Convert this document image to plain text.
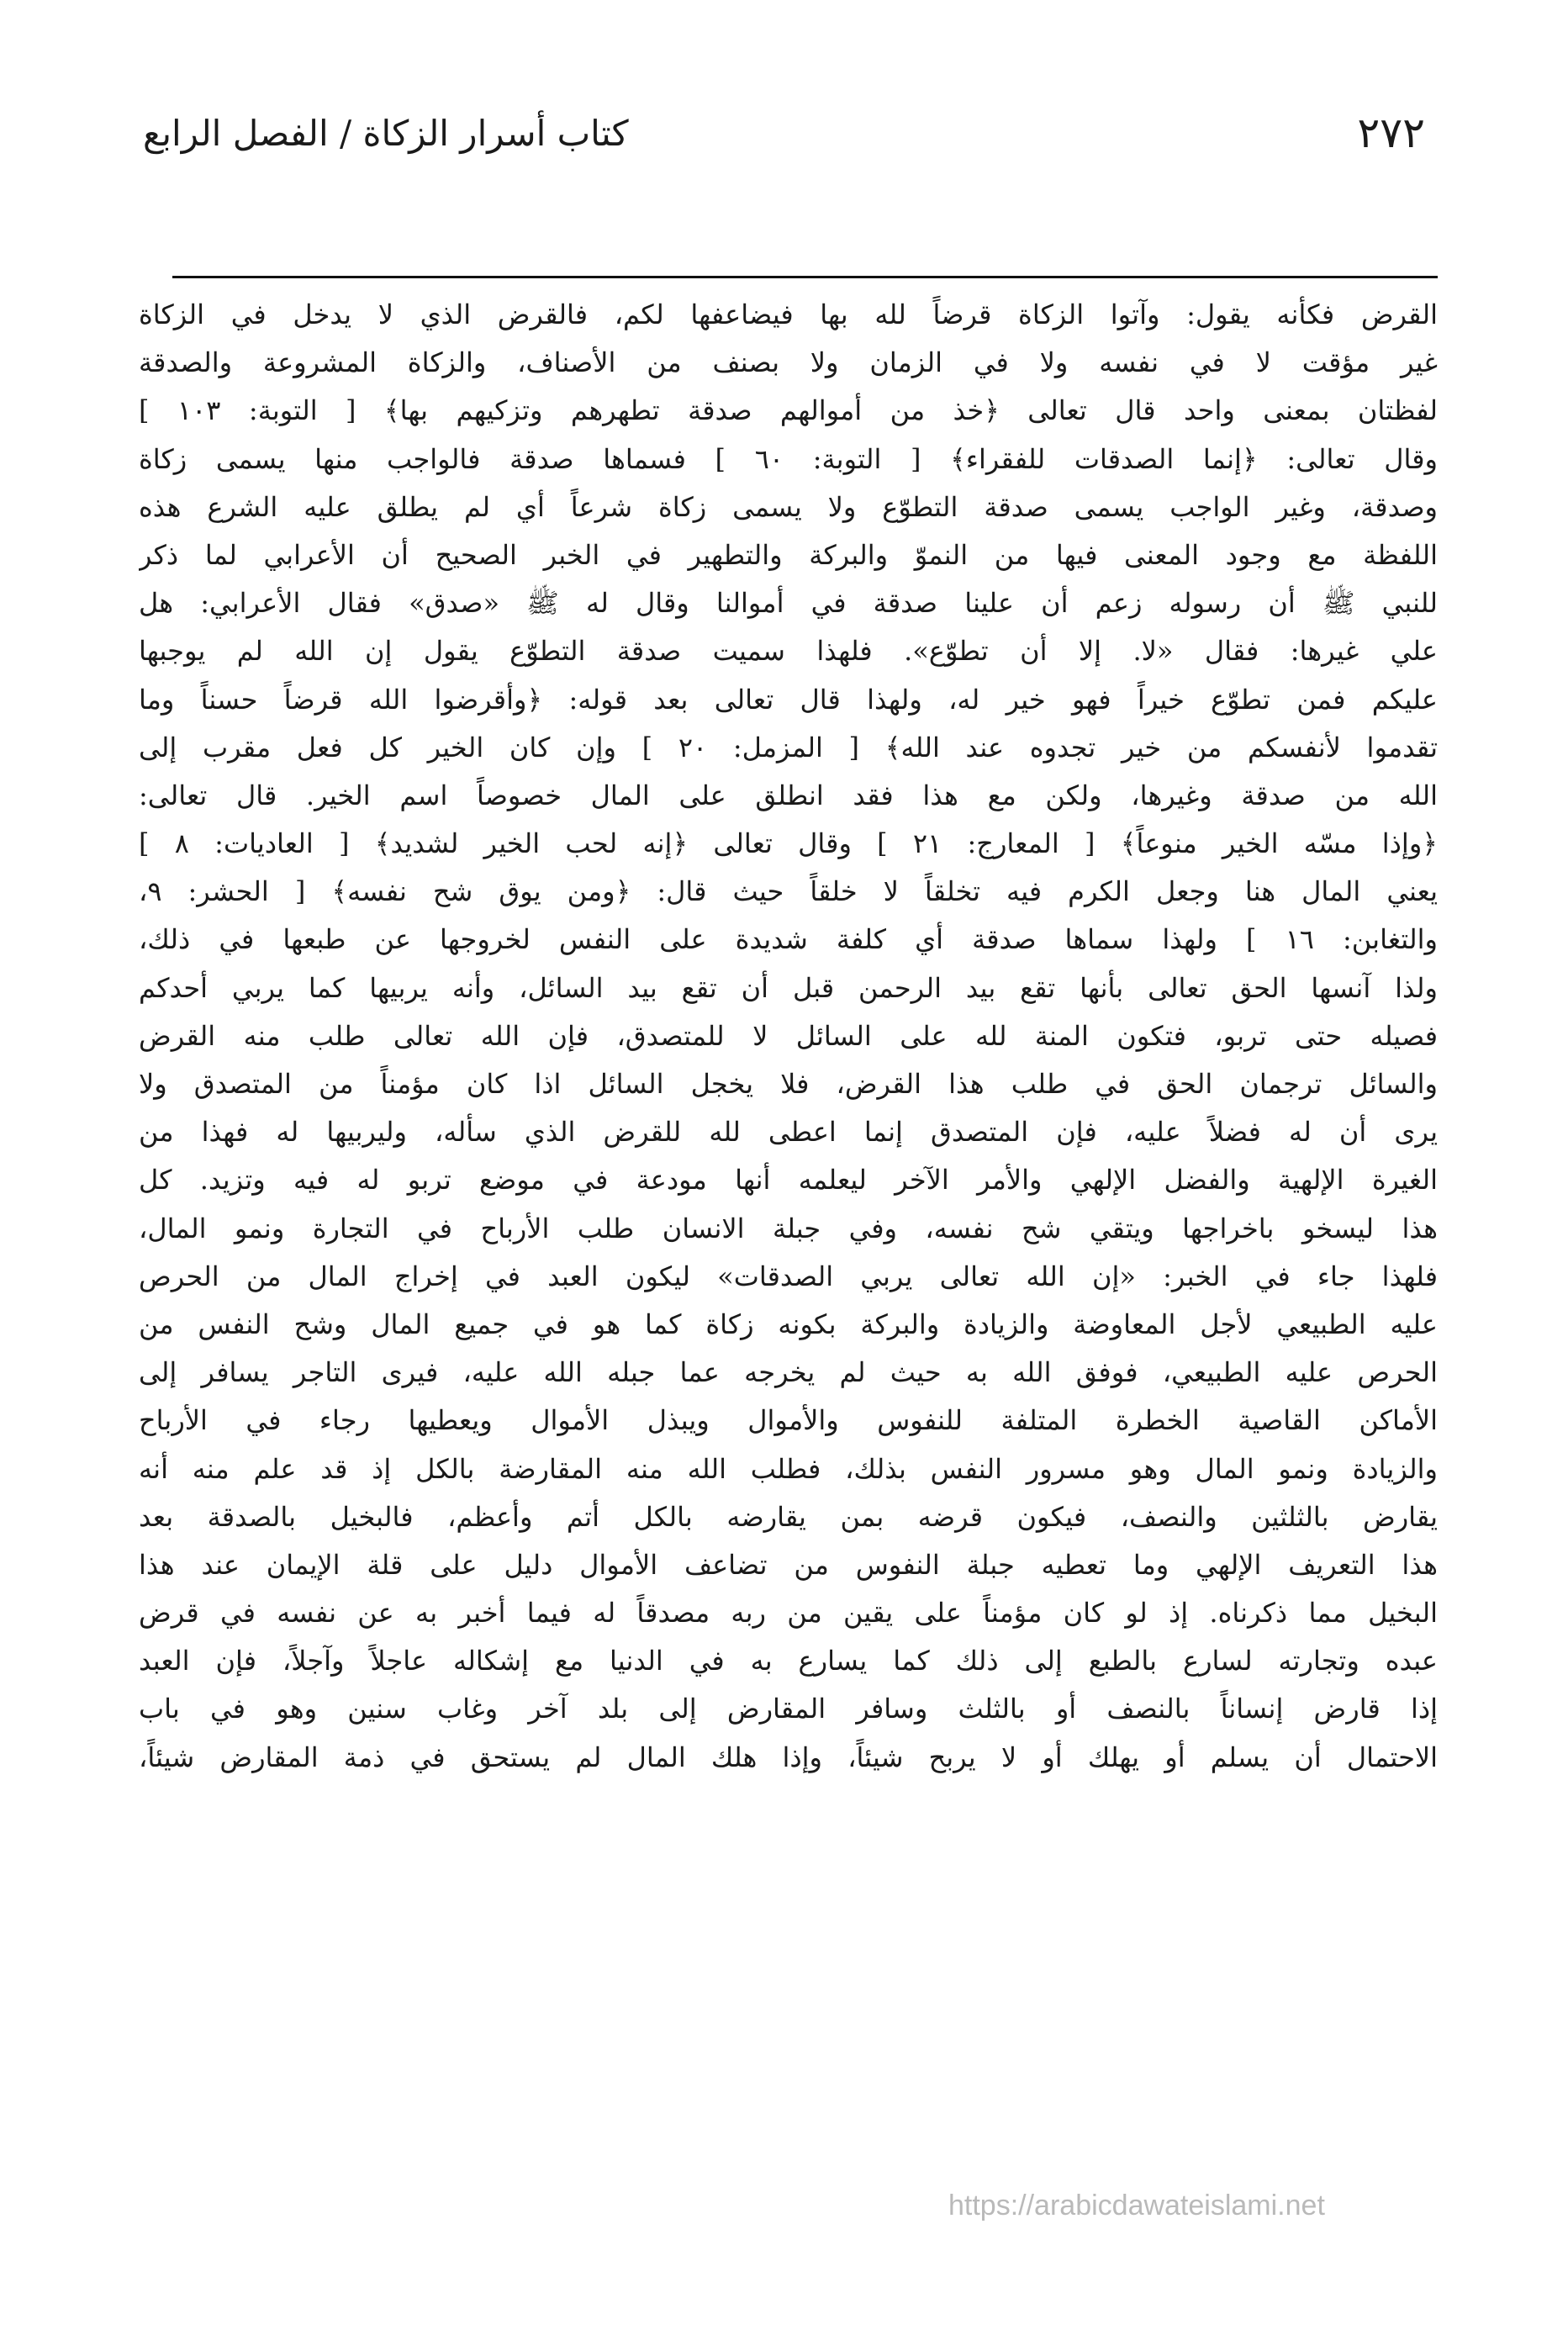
٢٧٢
كتاب أسرار الزكاة / الفصل الرابع
القرض فكأنه يقول: وآتوا الزكاة قرضاً لله بها فيضاعفها لكم، فالقرض الذي لا يدخل في الزكاة
غير مؤقت لا في نفسه ولا في الزمان ولا بصنف من الأصناف، والزكاة المشروعة والصدقة
لفظتان بمعنى واحد قال تعالى ﴿خذ من أموالهم صدقة تطهرهم وتزكيهم بها﴾ [ التوبة: ١٠٣ ]
وقال تعالى: ﴿إنما الصدقات للفقراء﴾ [ التوبة: ٦٠ ] فسماها صدقة فالواجب منها يسمى زكاة
وصدقة، وغير الواجب يسمى صدقة التطوّع ولا يسمى زكاة شرعاً أي لم يطلق عليه الشرع هذه
اللفظة مع وجود المعنى فيها من النموّ والبركة والتطهير في الخبر الصحيح أن الأعرابي لما ذكر
للنبي ﷺ أن رسوله زعم أن علينا صدقة في أموالنا وقال له ﷺ «صدق» فقال الأعرابي: هل
علي غيرها: فقال «لا. إلا أن تطوّع». فلهذا سميت صدقة التطوّع يقول إن الله لم يوجبها
عليكم فمن تطوّع خيراً فهو خير له، ولهذا قال تعالى بعد قوله: ﴿وأقرضوا الله قرضاً حسناً وما
تقدموا لأنفسكم من خير تجدوه عند الله﴾ [ المزمل: ٢٠ ] وإن كان الخير كل فعل مقرب إلى
الله من صدقة وغيرها، ولكن مع هذا فقد انطلق على المال خصوصاً اسم الخير. قال تعالى:
﴿وإذا مسّه الخير منوعاً﴾ [ المعارج: ٢١ ] وقال تعالى ﴿إنه لحب الخير لشديد﴾ [ العاديات: ٨ ]
يعني المال هنا وجعل الكرم فيه تخلقاً لا خلقاً حيث قال: ﴿ومن يوق شح نفسه﴾ [ الحشر: ٩،
والتغابن: ١٦ ] ولهذا سماها صدقة أي كلفة شديدة على النفس لخروجها عن طبعها في ذلك،
ولذا آنسها الحق تعالى بأنها تقع بيد الرحمن قبل أن تقع بيد السائل، وأنه يربيها كما يربي أحدكم
فصيله حتى تربو، فتكون المنة لله على السائل لا للمتصدق، فإن الله تعالى طلب منه القرض
والسائل ترجمان الحق في طلب هذا القرض، فلا يخجل السائل اذا كان مؤمناً من المتصدق ولا
يرى أن له فضلاً عليه، فإن المتصدق إنما اعطى لله للقرض الذي سأله، وليربيها له فهذا من
الغيرة الإلهية والفضل الإلهي والأمر الآخر ليعلمه أنها مودعة في موضع تربو له فيه وتزيد. كل
هذا ليسخو باخراجها ويتقي شح نفسه، وفي جبلة الانسان طلب الأرباح في التجارة ونمو المال،
فلهذا جاء في الخبر: «إن الله تعالى يربي الصدقات» ليكون العبد في إخراج المال من الحرص
عليه الطبيعي لأجل المعاوضة والزيادة والبركة بكونه زكاة كما هو في جميع المال وشح النفس من
الحرص عليه الطبيعي، فوفق الله به حيث لم يخرجه عما جبله الله عليه، فيرى التاجر يسافر إلى
الأماكن القاصية الخطرة المتلفة للنفوس والأموال ويبذل الأموال ويعطيها رجاء في الأرباح
والزيادة ونمو المال وهو مسرور النفس بذلك، فطلب الله منه المقارضة بالكل إذ قد علم منه أنه
يقارض بالثلثين والنصف، فيكون قرضه بمن يقارضه بالكل أتم وأعظم، فالبخيل بالصدقة بعد
هذا التعريف الإلهي وما تعطيه جبلة النفوس من تضاعف الأموال دليل على قلة الإيمان عند هذا
البخيل مما ذكرناه. إذ لو كان مؤمناً على يقين من ربه مصدقاً له فيما أخبر به عن نفسه في قرض
عبده وتجارته لسارع بالطبع إلى ذلك كما يسارع به في الدنيا مع إشكاله عاجلاً وآجلاً، فإن العبد
إذا قارض إنساناً بالنصف أو بالثلث وسافر المقارض إلى بلد آخر وغاب سنين وهو في باب
الاحتمال أن يسلم أو يهلك أو لا يربح شيئاً، وإذا هلك المال لم يستحق في ذمة المقارض شيئاً،
https://arabicdawateislami.net
